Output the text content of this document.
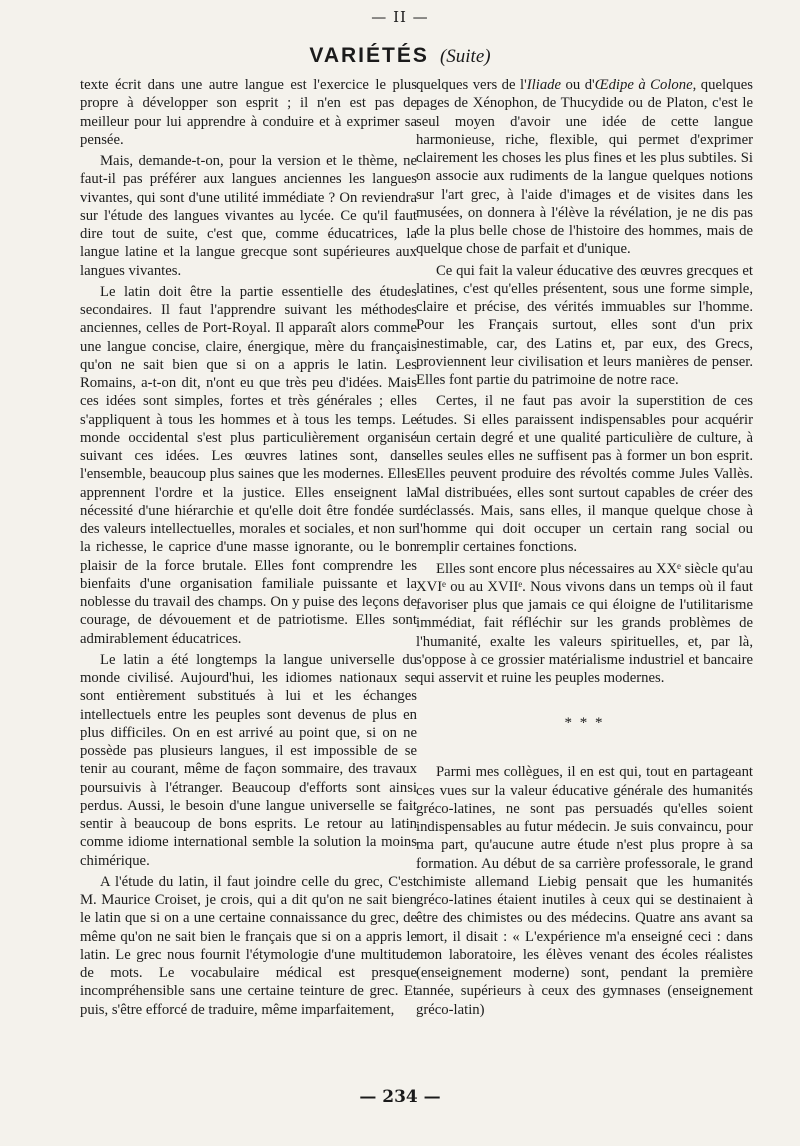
— II —
VARIÉTÉS (Suite)

texte écrit dans une autre langue est l'exercice le plus propre à développer son esprit ; il n'en est pas de meilleur pour lui apprendre à conduire et à exprimer sa pensée.

Mais, demande-t-on, pour la version et le thème, ne faut-il pas préférer aux langues anciennes les langues vivantes, qui sont d'une utilité immédiate ? On reviendra sur l'étude des langues vivantes au lycée. Ce qu'il faut dire tout de suite, c'est que, comme éducatrices, la langue latine et la langue grecque sont supérieures aux langues vivantes.

Le latin doit être la partie essentielle des études secondaires. Il faut l'apprendre suivant les méthodes anciennes, celles de Port-Royal. Il apparaît alors comme une langue concise, claire, énergique, mère du français qu'on ne sait bien que si on a appris le latin. Les Romains, a-t-on dit, n'ont eu que très peu d'idées. Mais ces idées sont simples, fortes et très générales ; elles s'appliquent à tous les hommes et à tous les temps. Le monde occidental s'est plus particulièrement organisé suivant ces idées. Les œuvres latines sont, dans l'ensemble, beaucoup plus saines que les modernes. Elles apprennent l'ordre et la justice. Elles enseignent la nécessité d'une hiérarchie et qu'elle doit être fondée sur des valeurs intellectuelles, morales et sociales, et non sur la richesse, le caprice d'une masse ignorante, ou le bon plaisir de la force brutale. Elles font comprendre les bienfaits d'une organisation familiale puissante et la noblesse du travail des champs. On y puise des leçons de courage, de dévouement et de patriotisme. Elles sont admirablement éducatrices.

Le latin a été longtemps la langue universelle du monde civilisé. Aujourd'hui, les idiomes nationaux se sont entièrement substitués à lui et les échanges intellectuels entre les peuples sont devenus de plus en plus difficiles. On en est arrivé au point que, si on ne possède pas plusieurs langues, il est impossible de se tenir au courant, même de façon sommaire, des travaux poursuivis à l'étranger. Beaucoup d'efforts sont ainsi perdus. Aussi, le besoin d'une langue universelle se fait sentir à beaucoup de bons esprits. Le retour au latin comme idiome international semble la solution la moins chimérique.

A l'étude du latin, il faut joindre celle du grec, C'est M. Maurice Croiset, je crois, qui a dit qu'on ne sait bien le latin que si on a une certaine connaissance du grec, de même qu'on ne sait bien le français que si on a appris le latin. Le grec nous fournit l'étymologie d'une multitude de mots. Le vocabulaire médical est presque incompréhensible sans une certaine teinture de grec. Et puis, s'être efforcé de traduire, même imparfaitement,

quelques vers de l'Iliade ou d'Œdipe à Colone, quelques pages de Xénophon, de Thucydide ou de Platon, c'est le seul moyen d'avoir une idée de cette langue harmonieuse, riche, flexible, qui permet d'exprimer clairement les choses les plus fines et les plus subtiles. Si on associe aux rudiments de la langue quelques notions sur l'art grec, à l'aide d'images et de visites dans les musées, on donnera à l'élève la révélation, je ne dis pas de la plus belle chose de l'histoire des hommes, mais de quelque chose de parfait et d'unique.

Ce qui fait la valeur éducative des œuvres grecques et latines, c'est qu'elles présentent, sous une forme simple, claire et précise, des vérités immuables sur l'homme. Pour les Français surtout, elles sont d'un prix inestimable, car, des Latins et, par eux, des Grecs, proviennent leur civilisation et leurs manières de penser. Elles font partie du patrimoine de notre race.

Certes, il ne faut pas avoir la superstition de ces études. Si elles paraissent indispensables pour acquérir un certain degré et une qualité particulière de culture, à elles seules elles ne suffisent pas à former un bon esprit. Elles peuvent produire des révoltés comme Jules Vallès. Mal distribuées, elles sont surtout capables de créer des déclassés. Mais, sans elles, il manque quelque chose à l'homme qui doit occuper un certain rang social ou remplir certaines fonctions.

Elles sont encore plus nécessaires au XXᵉ siècle qu'au XVIᵉ ou au XVIIᵉ. Nous vivons dans un temps où il faut favoriser plus que jamais ce qui éloigne de l'utilitarisme immédiat, fait réfléchir sur les grands problèmes de l'humanité, exalte les valeurs spirituelles, et, par là, s'oppose à ce grossier matérialisme industriel et bancaire qui asservit et ruine les peuples modernes.

* * *

Parmi mes collègues, il en est qui, tout en partageant ces vues sur la valeur éducative générale des humanités gréco-latines, ne sont pas persuadés qu'elles soient indispensables au futur médecin. Je suis convaincu, pour ma part, qu'aucune autre étude n'est plus propre à sa formation. Au début de sa carrière professorale, le grand chimiste allemand Liebig pensait que les humanités gréco-latines étaient inutiles à ceux qui se destinaient à être des chimistes ou des médecins. Quatre ans avant sa mort, il disait : « L'expérience m'a enseigné ceci : dans mon laboratoire, les élèves venant des écoles réalistes (enseignement moderne) sont, pendant la première année, supérieurs à ceux des gymnases (enseignement gréco-latin)

— 234 —
